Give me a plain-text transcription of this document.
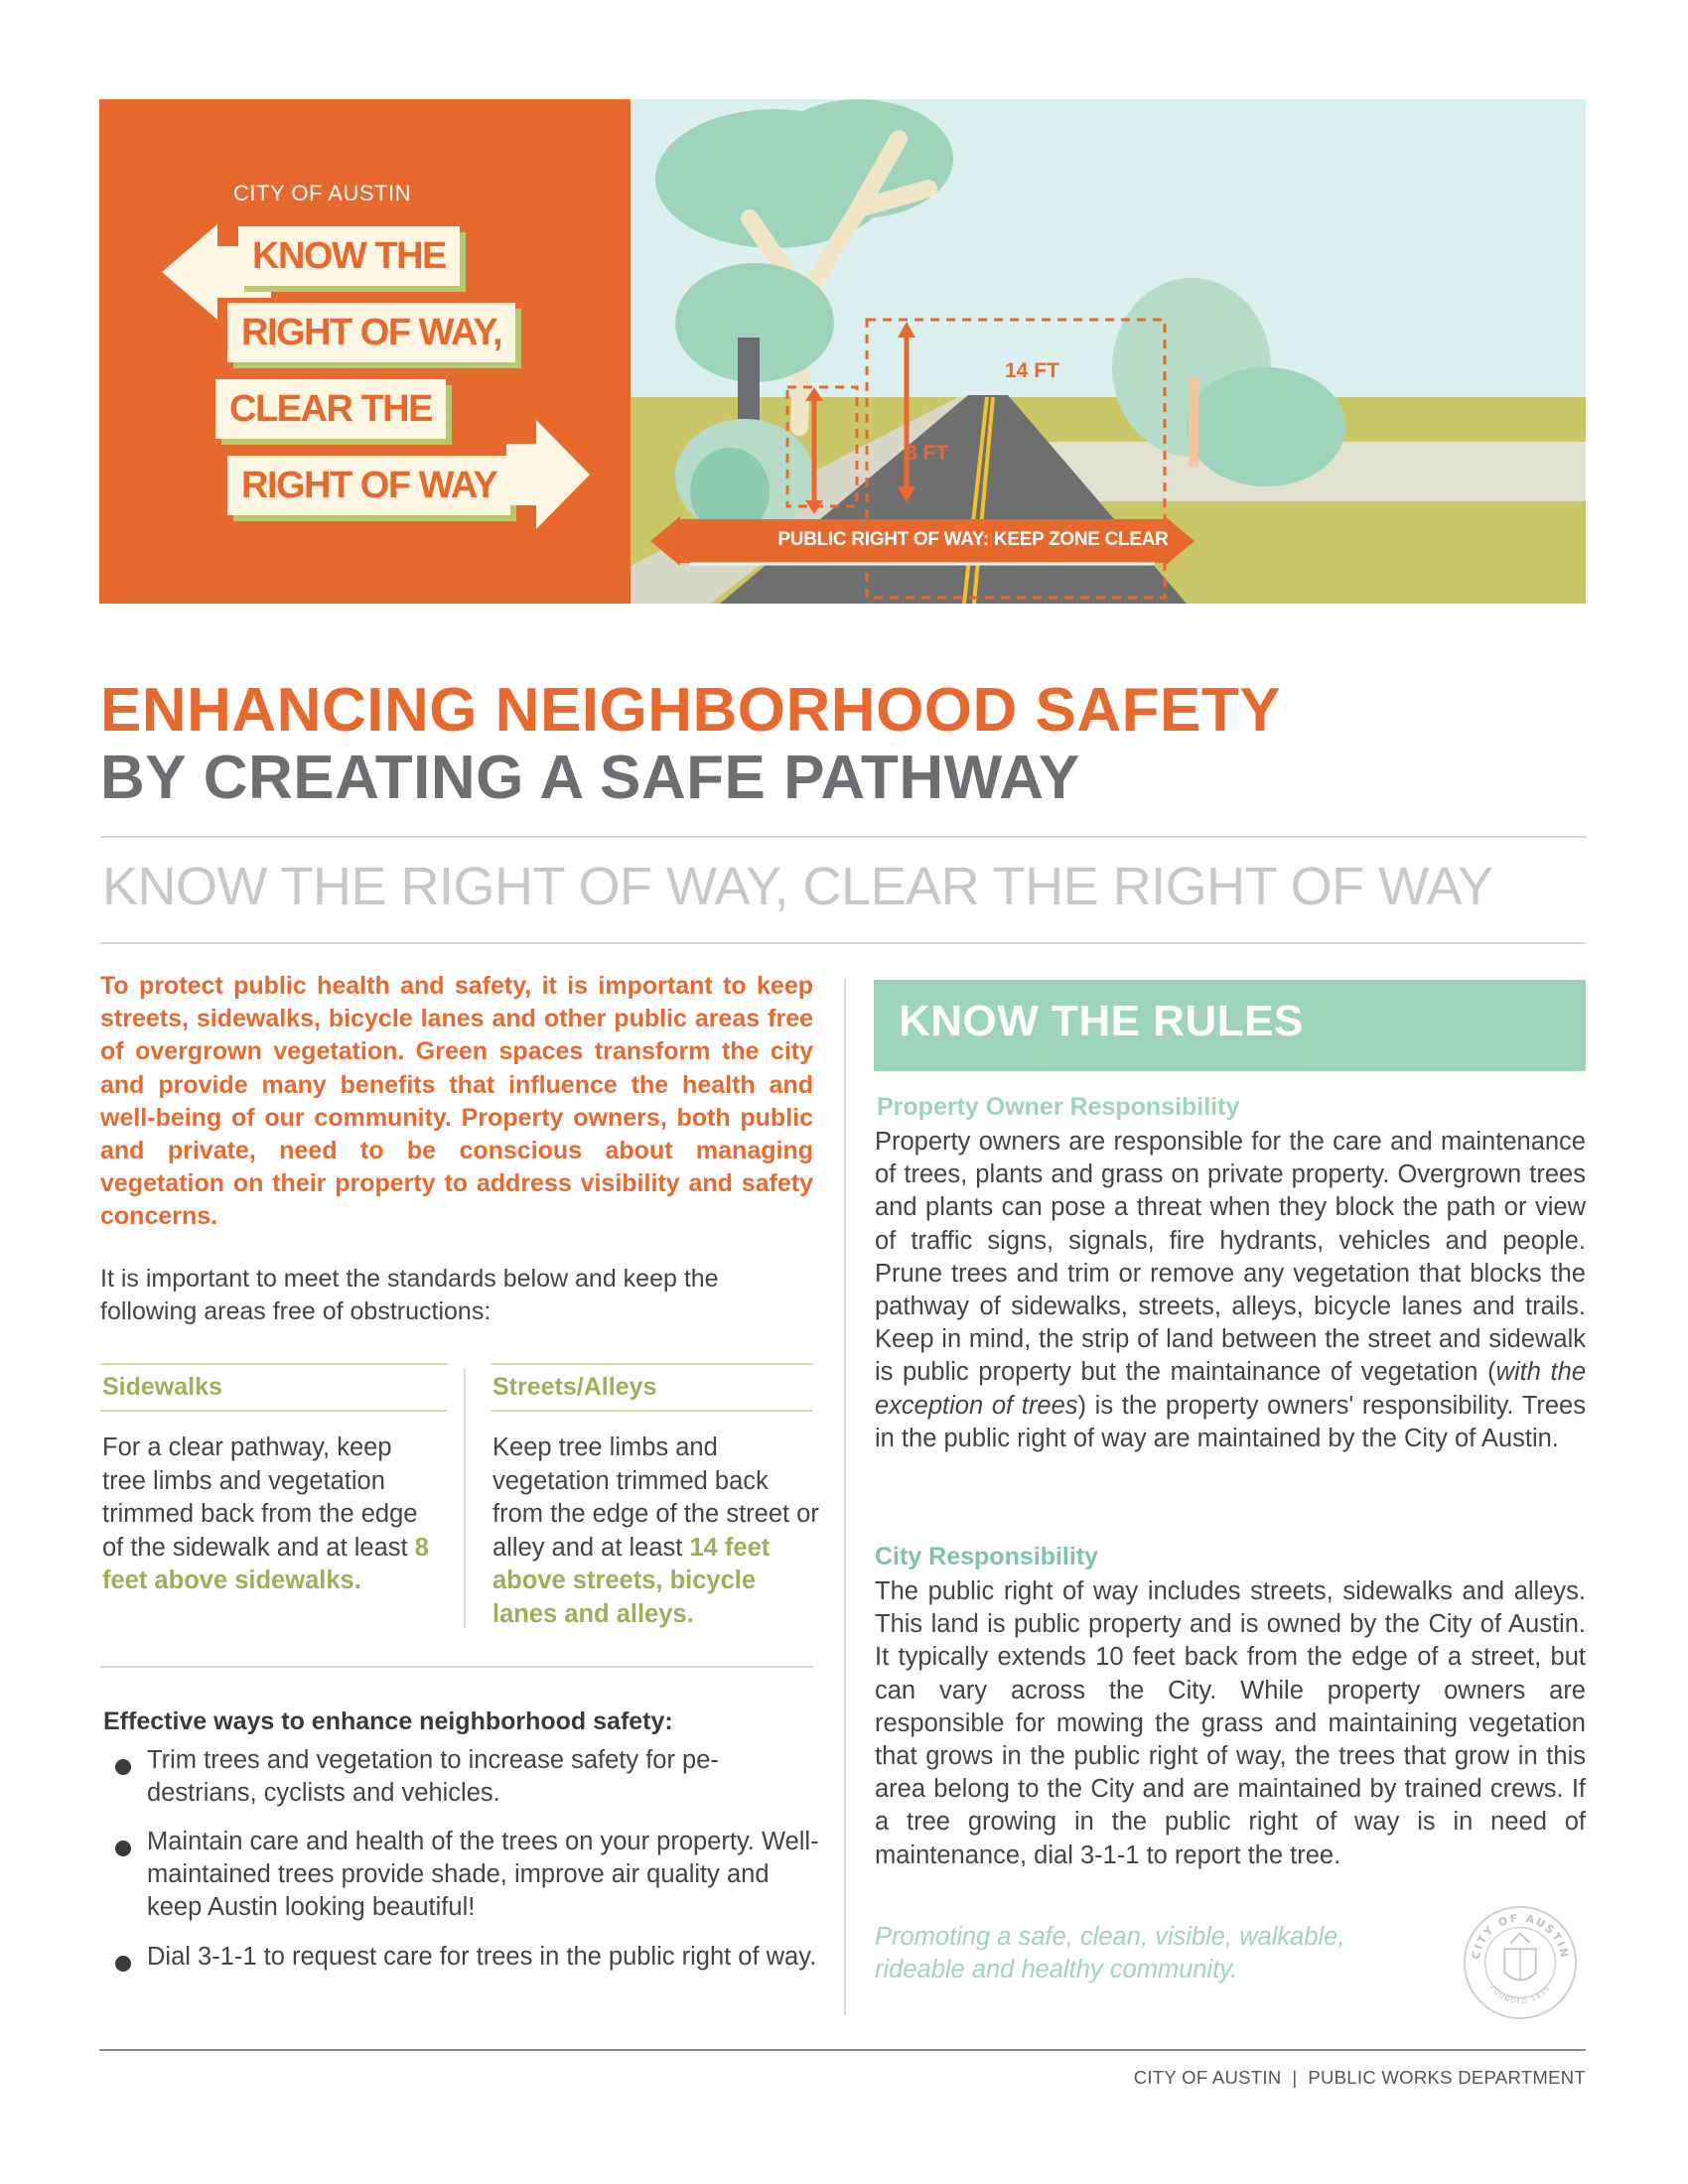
CITY OF AUSTIN
KNOW THE
RIGHT OF WAY,
CLEAR THE
RIGHT OF WAY
14 FT
8 FT
PUBLIC RIGHT OF WAY: KEEP ZONE CLEAR
ENHANCING NEIGHBORHOOD SAFETY
BY CREATING A SAFE PATHWAY
KNOW THE RIGHT OF WAY, CLEAR THE RIGHT OF WAY
To protect public health and safety, it is important to keep streets, sidewalks, bicycle lanes and other public areas free of overgrown vegetation. Green spaces transform the city and provide many benefits that influence the health and well-being of our community. Property owners, both public and private, need to be conscious about managing vegetation on their property to address visibility and safety concerns.
It is important to meet the standards below and keep the following areas free of obstructions:
Sidewalks
For a clear pathway, keep tree limbs and vegetation trimmed back from the edge of the sidewalk and at least 8 feet above sidewalks.
Streets/Alleys
Keep tree limbs and vegetation trimmed back from the edge of the street or alley and at least 14 feet above streets, bicycle lanes and alleys.
Effective ways to enhance neighborhood safety:
Trim trees and vegetation to increase safety for pe-destrians, cyclists and vehicles.
Maintain care and health of the trees on your property. Well-maintained trees provide shade, improve air quality and keep Austin looking beautiful!
Dial 3-1-1 to request care for trees in the public right of way.
KNOW THE RULES
Property Owner Responsibility
Property owners are responsible for the care and maintenance of trees, plants and grass on private property. Overgrown trees and plants can pose a threat when they block the path or view of traffic signs, signals, fire hydrants, vehicles and people. Prune trees and trim or remove any vegetation that blocks the pathway of sidewalks, streets, alleys, bicycle lanes and trails. Keep in mind, the strip of land between the street and sidewalk is public property but the maintainance of vegetation (with the exception of trees) is the property owners' responsibility. Trees in the public right of way are maintained by the City of Austin.
City Responsibility
The public right of way includes streets, sidewalks and alleys. This land is public property and is owned by the City of Austin. It typically extends 10 feet back from the edge of a street, but can vary across the City. While property owners are responsible for mowing the grass and maintaining vegetation that grows in the public right of way, the trees that grow in this area belong to the City and are maintained by trained crews. If a tree growing in the public right of way is in need of maintenance, dial 3-1-1 to report the tree.
Promoting a safe, clean, visible, walkable, rideable and healthy community.
CITY OF AUSTIN
FOUNDED 1839
CITY OF AUSTIN  |  PUBLIC WORKS DEPARTMENT
